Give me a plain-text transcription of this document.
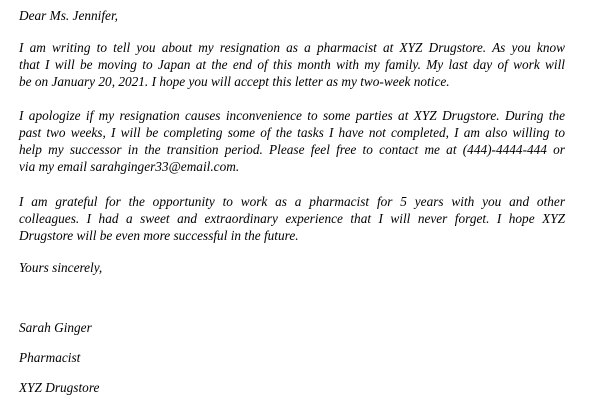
Dear Ms. Jennifer,
I am writing to tell you about my resignation as a pharmacist at XYZ Drugstore. As you know
that I will be moving to Japan at the end of this month with my family. My last day of work will
be on January 20, 2021. I hope you will accept this letter as my two-week notice.
I apologize if my resignation causes inconvenience to some parties at XYZ Drugstore. During the
past two weeks, I will be completing some of the tasks I have not completed, I am also willing to
help my successor in the transition period. Please feel free to contact me at (444)-4444-444 or
via my email sarahginger33@email.com.
I am grateful for the opportunity to work as a pharmacist for 5 years with you and other
colleagues. I had a sweet and extraordinary experience that I will never forget. I hope XYZ
Drugstore will be even more successful in the future.
Yours sincerely,
Sarah Ginger
Pharmacist
XYZ Drugstore
